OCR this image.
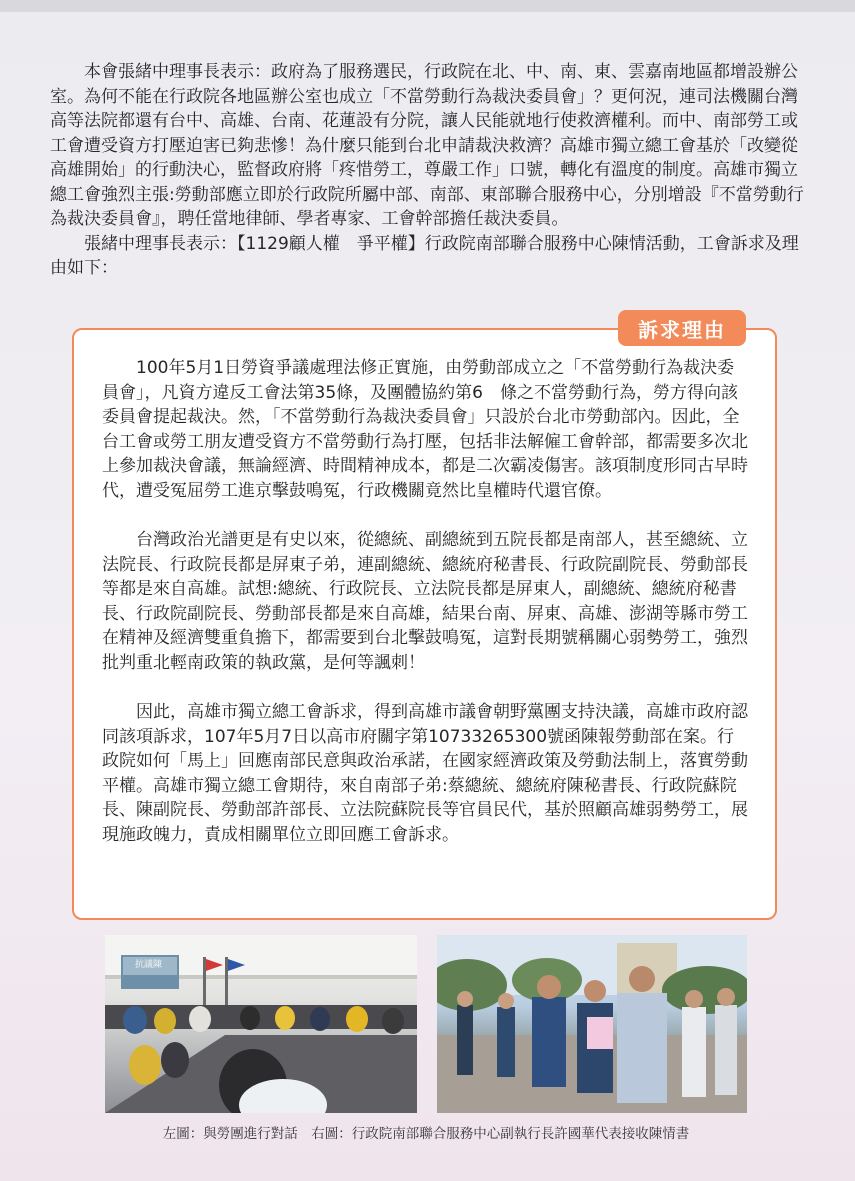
本會張緒中理事長表示：政府為了服務選民，行政院在北、中、南、東、雲嘉南地區都增設辦公室。為何不能在行政院各地區辦公室也成立「不當勞動行為裁決委員會」？更何況，連司法機關台灣高等法院都還有台中、高雄、台南、花蓮設有分院，讓人民能就地行使救濟權利。而中、南部勞工或工會遭受資方打壓迫害已夠悲慘！為什麼只能到台北申請裁決救濟？高雄市獨立總工會基於「改變從高雄開始」的行動決心，監督政府將「疼惜勞工，尊嚴工作」口號，轉化有溫度的制度。高雄市獨立總工會強烈主張:勞動部應立即於行政院所屬中部、南部、東部聯合服務中心，分別增設『不當勞動行為裁決委員會』，聘任當地律師、學者專家、工會幹部擔任裁決委員。

張緒中理事長表示：【1129顧人權　爭平權】行政院南部聯合服務中心陳情活動，工會訴求及理由如下：

訴求理由

100年5月1日勞資爭議處理法修正實施，由勞動部成立之「不當勞動行為裁決委員會」，凡資方違反工會法第35條，及團體協約第6　條之不當勞動行為，勞方得向該委員會提起裁決。然，「不當勞動行為裁決委員會」只設於台北市勞動部內。因此，全台工會或勞工朋友遭受資方不當勞動行為打壓，包括非法解僱工會幹部，都需要多次北上參加裁決會議，無論經濟、時間精神成本，都是二次霸凌傷害。該項制度形同古早時代，遭受冤屈勞工進京擊鼓鳴冤，行政機關竟然比皇權時代還官僚。

台灣政治光譜更是有史以來，從總統、副總統到五院長都是南部人，甚至總統、立法院長、行政院長都是屏東子弟，連副總統、總統府秘書長、行政院副院長、勞動部長等都是來自高雄。試想:總統、行政院長、立法院長都是屏東人，副總統、總統府秘書長、行政院副院長、勞動部長都是來自高雄，結果台南、屏東、高雄、澎湖等縣市勞工在精神及經濟雙重負擔下，都需要到台北擊鼓鳴冤，這對長期號稱關心弱勢勞工，強烈批判重北輕南政策的執政黨，是何等諷刺！

因此，高雄市獨立總工會訴求，得到高雄市議會朝野黨團支持決議，高雄市政府認同該項訴求，107年5月7日以高市府關字第10733265300號函陳報勞動部在案。行政院如何「馬上」回應南部民意與政治承諾，在國家經濟政策及勞動法制上，落實勞動平權。高雄市獨立總工會期待，來自南部子弟:蔡總統、總統府陳秘書長、行政院蘇院長、陳副院長、勞動部許部長、立法院蘇院長等官員民代，基於照顧高雄弱勢勞工，展現施政魄力，責成相關單位立即回應工會訴求。

抗議陳
左圖：與勞團進行對話　右圖：行政院南部聯合服務中心副執行長許國華代表接收陳情書
